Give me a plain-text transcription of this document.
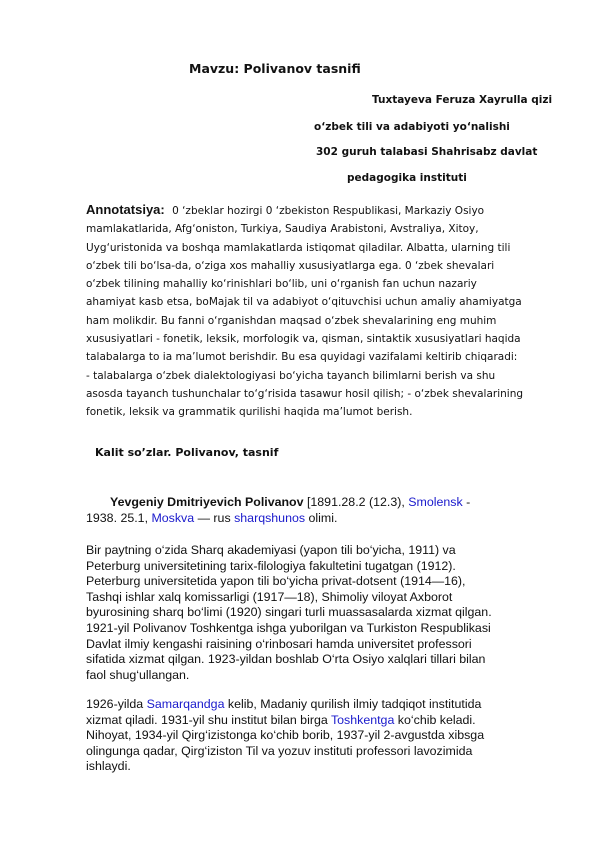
Mavzu: Polivanov tasnifi
Tuxtayeva Feruza Xayrulla qizi
o‘zbek tili va adabiyoti yo‘nalishi
302 guruh talabasi Shahrisabz davlat
pedagogika instituti
Annotatsiya: 0 ‘zbeklar hozirgi 0 ‘zbekiston Respublikasi, Markaziy Osiyo
mamlakatlarida, Afg‘oniston, Turkiya, Saudiya Arabistoni, Avstraliya, Xitoy,
Uyg‘uristonida va boshqa mamlakatlarda istiqomat qiladilar. Albatta, ularning tili
o‘zbek tili bo‘lsa-da, o‘ziga xos mahalliy xususiyatlarga ega. 0 ‘zbek shevalari
o‘zbek tilining mahalliy ko‘rinishlari bo‘lib, uni o‘rganish fan uchun nazariy
ahamiyat kasb etsa, boMajak til va adabiyot o‘qituvchisi uchun amaliy ahamiyatga
ham molikdir. Bu fanni o‘rganishdan maqsad o‘zbek shevalarining eng muhim
xususiyatlari - fonetik, leksik, morfologik va, qisman, sintaktik xususiyatlari haqida
talabalarga to ia ma’lumot berishdir. Bu esa quyidagi vazifalami keltirib chiqaradi:
- talabalarga o‘zbek dialektologiyasi bo‘yicha tayanch bilimlarni berish va shu
asosda tayanch tushunchalar to‘g‘risida tasawur hosil qilish; - o‘zbek shevalarining
fonetik, leksik va grammatik qurilishi haqida ma’lumot berish.
Kalit so’zlar. Polivanov, tasnif
Yevgeniy Dmitriyevich Polivanov [1891.28.2 (12.3), Smolensk -
1938. 25.1, Moskva — rus sharqshunos olimi.
Bir paytning o‘zida Sharq akademiyasi (yapon tili bo‘yicha, 1911) va
Peterburg universitetining tarix-filologiya fakultetini tugatgan (1912).
Peterburg universitetida yapon tili bo‘yicha privat-dotsent (1914—16),
Tashqi ishlar xalq komissarligi (1917—18), Shimoliy viloyat Axborot
byurosining sharq bo‘limi (1920) singari turli muassasalarda xizmat qilgan.
1921-yil Polivanov Toshkentga ishga yuborilgan va Turkiston Respublikasi
Davlat ilmiy kengashi raisining o‘rinbosari hamda universitet professori
sifatida xizmat qilgan. 1923-yildan boshlab O‘rta Osiyo xalqlari tillari bilan
faol shug‘ullangan.
1926-yilda Samarqandga kelib, Madaniy qurilish ilmiy tadqiqot institutida
xizmat qiladi. 1931-yil shu institut bilan birga Toshkentga ko‘chib keladi.
Nihoyat, 1934-yil Qirg‘izistonga ko‘chib borib, 1937-yil 2-avgustda xibsga
olingunga qadar, Qirg‘iziston Til va yozuv instituti professori lavozimida
ishlaydi.
